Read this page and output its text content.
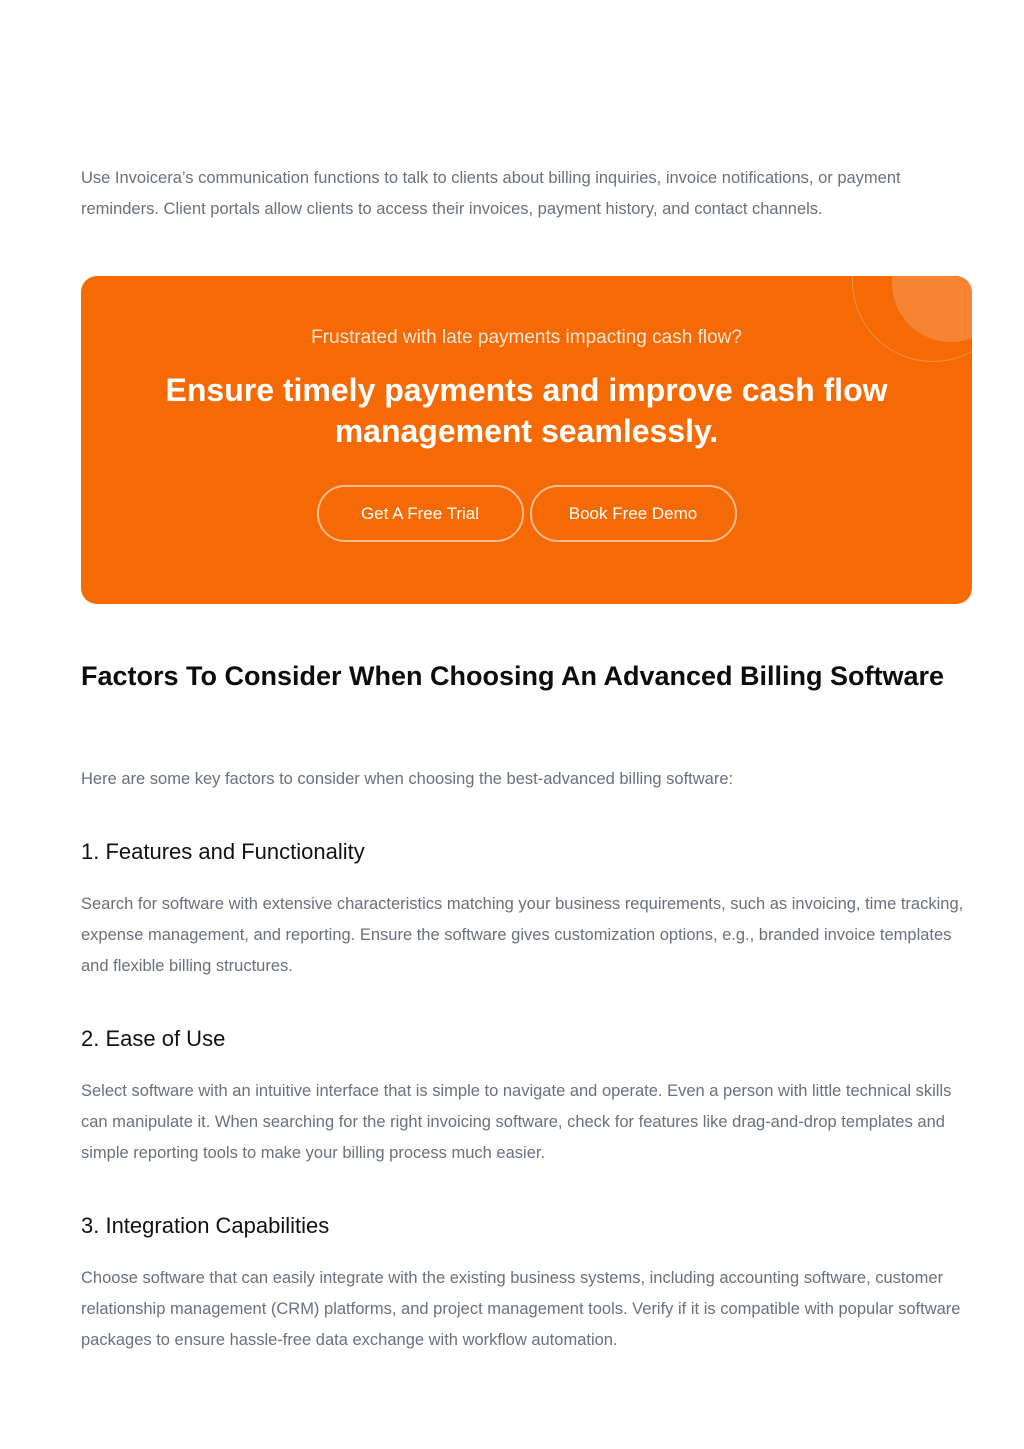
Use Invoicera’s communication functions to talk to clients about billing inquiries, invoice notifications, or payment reminders. Client portals allow clients to access their invoices, payment history, and contact channels.

Frustrated with late payments impacting cash flow?
Ensure timely payments and improve cash flow management seamlessly.
Get A Free Trial	Book Free Demo
Factors To Consider When Choosing An Advanced Billing Software

Here are some key factors to consider when choosing the best-advanced billing software:

1. Features and Functionality

Search for software with extensive characteristics matching your business requirements, such as invoicing, time tracking, expense management, and reporting. Ensure the software gives customization options, e.g., branded invoice templates and flexible billing structures.

2. Ease of Use

Select software with an intuitive interface that is simple to navigate and operate. Even a person with little technical skills can manipulate it. When searching for the right invoicing software, check for features like drag-and-drop templates and simple reporting tools to make your billing process much easier.

3. Integration Capabilities

Choose software that can easily integrate with the existing business systems, including accounting software, customer relationship management (CRM) platforms, and project management tools. Verify if it is compatible with popular software packages to ensure hassle-free data exchange with workflow automation.
